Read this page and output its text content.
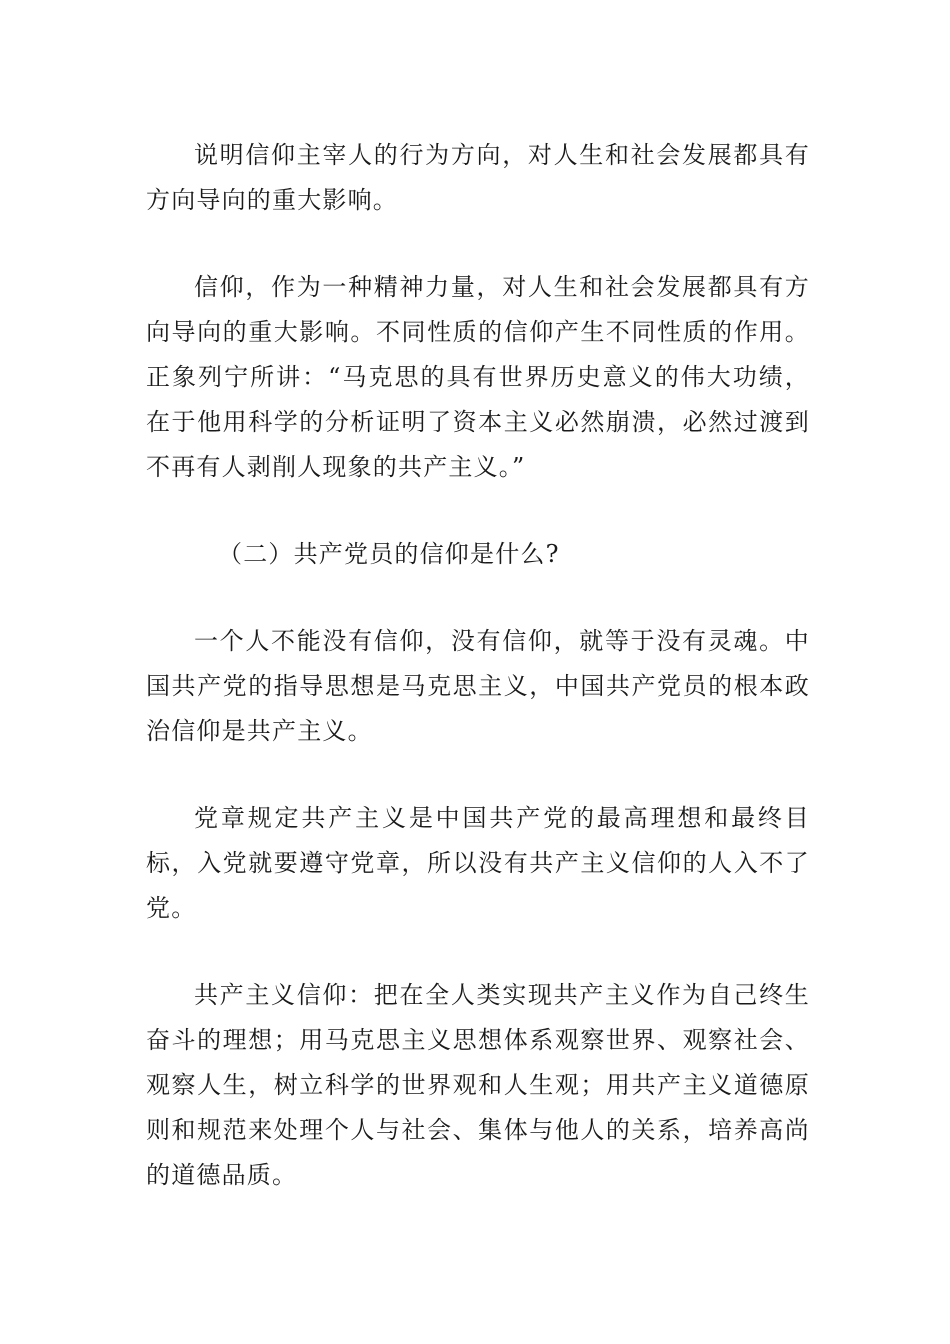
说明信仰主宰人的行为方向，对人生和社会发展都具有方向导向的重大影响。

信仰，作为一种精神力量，对人生和社会发展都具有方向导向的重大影响。不同性质的信仰产生不同性质的作用。正象列宁所讲：“马克思的具有世界历史意义的伟大功绩，在于他用科学的分析证明了资本主义必然崩溃，必然过渡到不再有人剥削人现象的共产主义。”

（二）共产党员的信仰是什么?

一个人不能没有信仰，没有信仰，就等于没有灵魂。中国共产党的指导思想是马克思主义，中国共产党员的根本政治信仰是共产主义。

党章规定共产主义是中国共产党的最高理想和最终目标，入党就要遵守党章，所以没有共产主义信仰的人入不了党。

共产主义信仰：把在全人类实现共产主义作为自己终生奋斗的理想；用马克思主义思想体系观察世界、观察社会、观察人生，树立科学的世界观和人生观；用共产主义道德原则和规范来处理个人与社会、集体与他人的关系，培养高尚的道德品质。
